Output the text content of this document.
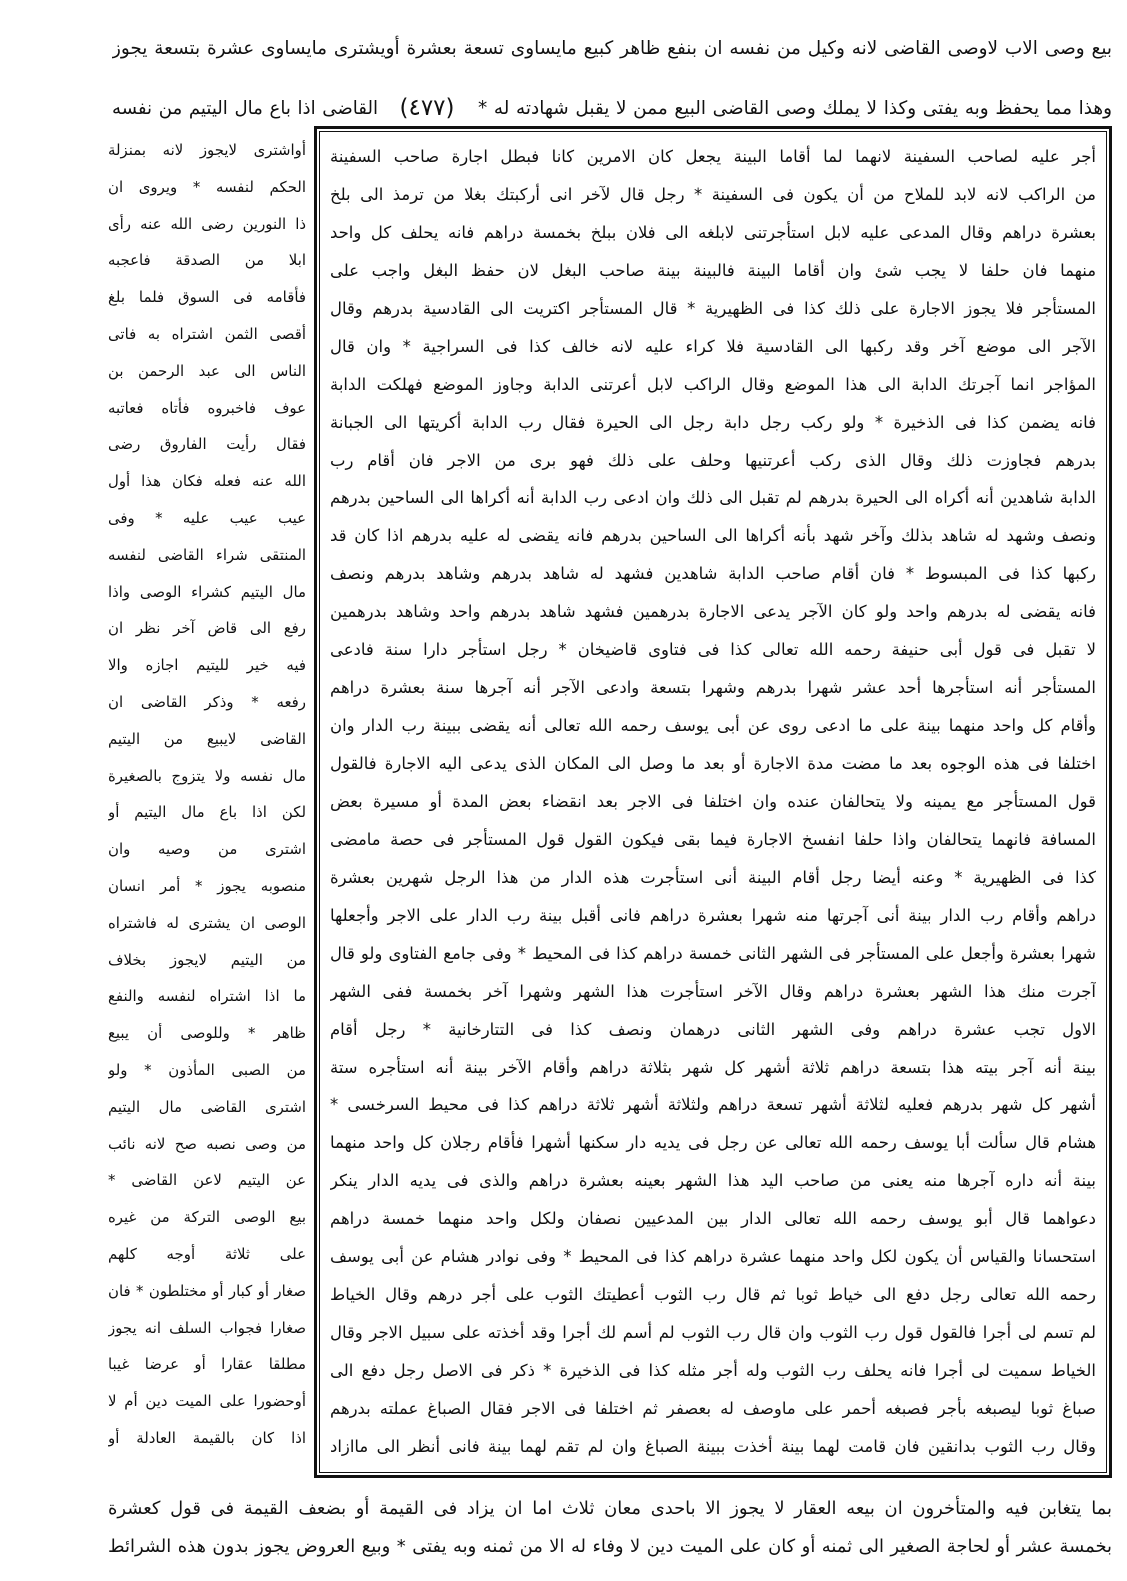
بيع وصى الاب لاوصى القاضى لانه وكيل من نفسه ان بنفع ظاهر كبيع مايساوى تسعة بعشرة أويشترى مايساوى عشرة بتسعة يجوز
وهذا مما يحفظ وبه يفتى وكذا لا يملك وصى القاضى البيع ممن لا يقبل شهادته له *
(٤٧٧)
القاضى اذا باع مال اليتيم من نفسه
أجر عليه لصاحب السفينة لانهما لما أقاما البينة يجعل كان الامرين كانا فبطل اجارة صاحب السفينة
من الراكب لانه لابد للملاح من أن يكون فى السفينة * رجل قال لآخر انى أركبتك بغلا من ترمذ الى بلخ
بعشرة دراهم وقال المدعى عليه لابل استأجرتنى لابلغه الى فلان ببلخ بخمسة دراهم فانه يحلف كل واحد
منهما فان حلفا لا يجب شئ وان أقاما البينة فالبينة بينة صاحب البغل لان حفظ البغل واجب على
المستأجر فلا يجوز الاجارة على ذلك كذا فى الظهيرية * قال المستأجر اكتريت الى القادسية بدرهم وقال
الآجر الى موضع آخر وقد ركبها الى القادسية فلا كراء عليه لانه خالف كذا فى السراجية * وان قال
المؤاجر انما آجرتك الدابة الى هذا الموضع وقال الراكب لابل أعرتنى الدابة وجاوز الموضع فهلكت الدابة
فانه يضمن كذا فى الذخيرة * ولو ركب رجل دابة رجل الى الحيرة فقال رب الدابة أكريتها الى الجبانة
بدرهم فجاوزت ذلك وقال الذى ركب أعرتنيها وحلف على ذلك فهو برى من الاجر فان أقام رب
الدابة شاهدين أنه أكراه الى الحيرة بدرهم لم تقبل الى ذلك وان ادعى رب الدابة أنه أكراها الى الساحين بدرهم
ونصف وشهد له شاهد بذلك وآخر شهد بأنه أكراها الى الساحين بدرهم فانه يقضى له عليه بدرهم اذا كان قد
ركبها كذا فى المبسوط * فان أقام صاحب الدابة شاهدين فشهد له شاهد بدرهم وشاهد بدرهم ونصف
فانه يقضى له بدرهم واحد ولو كان الآجر يدعى الاجارة بدرهمين فشهد شاهد بدرهم واحد وشاهد بدرهمين
لا تقبل فى قول أبى حنيفة رحمه الله تعالى كذا فى فتاوى قاضيخان * رجل استأجر دارا سنة فادعى
المستأجر أنه استأجرها أحد عشر شهرا بدرهم وشهرا بتسعة وادعى الآجر أنه آجرها سنة بعشرة دراهم
وأقام كل واحد منهما بينة على ما ادعى روى عن أبى يوسف رحمه الله تعالى أنه يقضى ببينة رب الدار وان
اختلفا فى هذه الوجوه بعد ما مضت مدة الاجارة أو بعد ما وصل الى المكان الذى يدعى اليه الاجارة فالقول
قول المستأجر مع يمينه ولا يتحالفان عنده وان اختلفا فى الاجر بعد انقضاء بعض المدة أو مسيرة بعض
المسافة فانهما يتحالفان واذا حلفا انفسخ الاجارة فيما بقى فيكون القول قول المستأجر فى حصة مامضى
كذا فى الظهيرية * وعنه أيضا رجل أقام البينة أنى استأجرت هذه الدار من هذا الرجل شهرين بعشرة
دراهم وأقام رب الدار بينة أنى آجرتها منه شهرا بعشرة دراهم فانى أقبل بينة رب الدار على الاجر وأجعلها
شهرا بعشرة وأجعل على المستأجر فى الشهر الثانى خمسة دراهم كذا فى المحيط * وفى جامع الفتاوى ولو قال
آجرت منك هذا الشهر بعشرة دراهم وقال الآخر استأجرت هذا الشهر وشهرا آخر بخمسة ففى الشهر
الاول تجب عشرة دراهم وفى الشهر الثانى درهمان ونصف كذا فى التتارخانية * رجل أقام
بينة أنه آجر بيته هذا بتسعة دراهم ثلاثة أشهر كل شهر بثلاثة دراهم وأقام الآخر بينة أنه استأجره ستة
أشهر كل شهر بدرهم فعليه لثلاثة أشهر تسعة دراهم ولثلاثة أشهر ثلاثة دراهم كذا فى محيط السرخسى *
هشام قال سألت أبا يوسف رحمه الله تعالى عن رجل فى يديه دار سكنها أشهرا فأقام رجلان كل واحد منهما
بينة أنه داره آجرها منه يعنى من صاحب اليد هذا الشهر بعينه بعشرة دراهم والذى فى يديه الدار ينكر
دعواهما قال أبو يوسف رحمه الله تعالى الدار بين المدعيين نصفان ولكل واحد منهما خمسة دراهم
استحسانا والقياس أن يكون لكل واحد منهما عشرة دراهم كذا فى المحيط * وفى نوادر هشام عن أبى يوسف
رحمه الله تعالى رجل دفع الى خياط ثوبا ثم قال رب الثوب أعطيتك الثوب على أجر درهم وقال الخياط
لم تسم لى أجرا فالقول قول رب الثوب وان قال رب الثوب لم أسم لك أجرا وقد أخذته على سبيل الاجر وقال
الخياط سميت لى أجرا فانه يحلف رب الثوب وله أجر مثله كذا فى الذخيرة * ذكر فى الاصل رجل دفع الى
صباغ ثوبا ليصبغه بأجر فصبغه أحمر على ماوصف له بعصفر ثم اختلفا فى الاجر فقال الصباغ عملته بدرهم
وقال رب الثوب بدانقين فان قامت لهما بينة أخذت ببينة الصباغ وان لم تقم لهما بينة فانى أنظر الى ماازاد
أواشترى لايجوز لانه بمنزلة
الحكم لنفسه * ويروى ان
ذا النورين رضى الله عنه رأى
ابلا من الصدقة فاعجبه
فأقامه فى السوق فلما بلغ
أقصى الثمن اشتراه به فاتى
الناس الى عبد الرحمن بن
عوف فاخبروه فأتاه فعاتبه
فقال رأيت الفاروق رضى
الله عنه فعله فكان هذا أول
عيب عيب عليه * وفى
المنتقى شراء القاضى لنفسه
مال اليتيم كشراء الوصى واذا
رفع الى قاض آخر نظر ان
فيه خير لليتيم اجازه والا
رفعه * وذكر القاضى ان
القاضى لايبيع من اليتيم
مال نفسه ولا يتزوج بالصغيرة
لكن اذا باع مال اليتيم أو
اشترى من وصيه وان
منصوبه يجوز * أمر انسان
الوصى ان يشترى له فاشتراه
من اليتيم لايجوز بخلاف
ما اذا اشتراه لنفسه والنفع
ظاهر * وللوصى أن يبيع
من الصبى المأذون * ولو
اشترى القاضى مال اليتيم
من وصى نصبه صح لانه نائب
عن اليتيم لاعن القاضى *
بيع الوصى التركة من غيره
على ثلاثة أوجه كلهم
صغار أو كبار أو مختلطون * فان
صغارا فجواب السلف انه يجوز
مطلقا عقارا أو عرضا غيبا
أوحضورا على الميت دين أم لا
اذا كان بالقيمة العادلة أو
بما يتغابن فيه والمتأخرون ان بيعه العقار لا يجوز الا باحدى معان ثلاث اما ان يزاد فى القيمة أو بضعف القيمة فى قول كعشرة
بخمسة عشر أو لحاجة الصغير الى ثمنه أو كان على الميت دين لا وفاء له الا من ثمنه وبه يفتى * وبيع العروض يجوز بدون هذه الشرائط
